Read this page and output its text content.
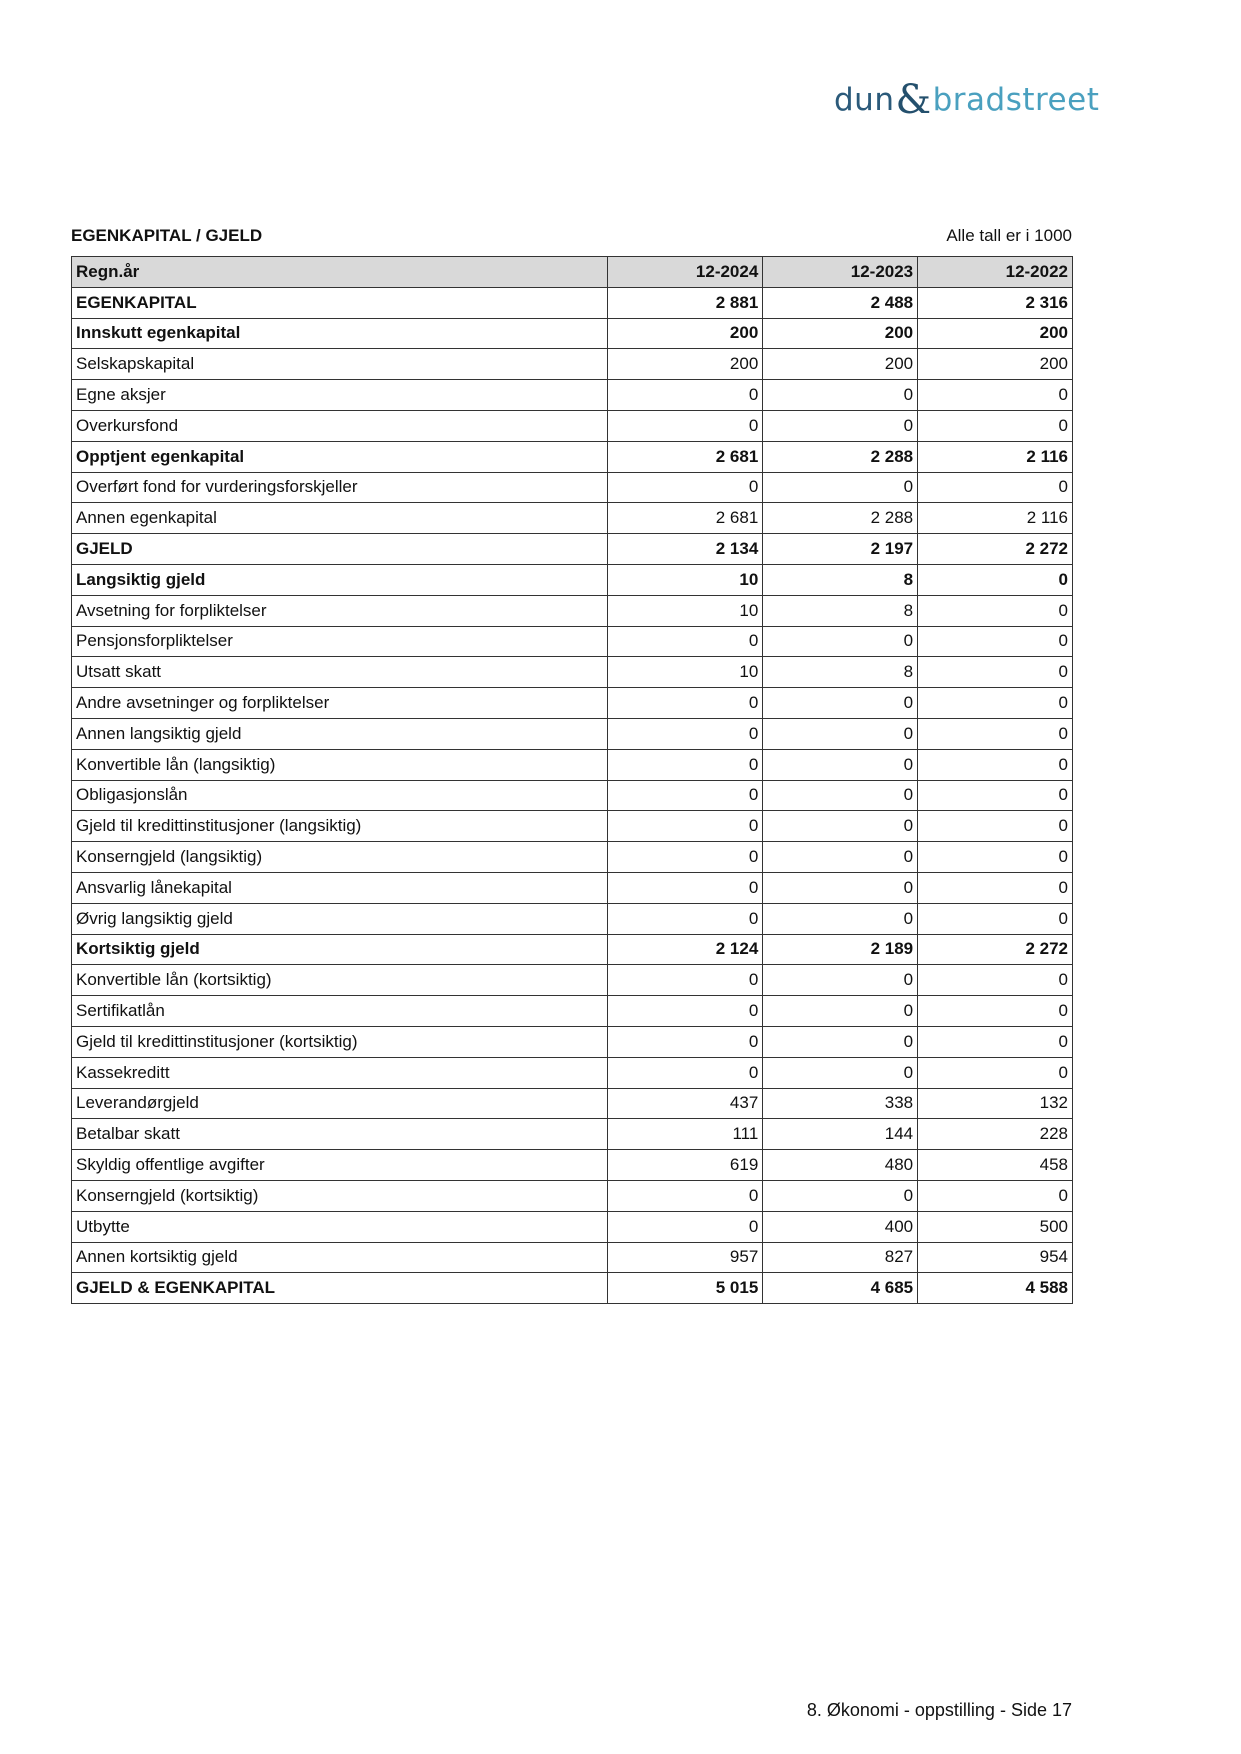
dun&bradstreet
EGENKAPITAL / GJELD	Alle tall er i 1000
Regn.år	12-2024	12-2023	12-2022
EGENKAPITAL	2 881	2 488	2 316
Innskutt egenkapital	200	200	200
Selskapskapital	200	200	200
Egne aksjer	0	0	0
Overkursfond	0	0	0
Opptjent egenkapital	2 681	2 288	2 116
Overført fond for vurderingsforskjeller	0	0	0
Annen egenkapital	2 681	2 288	2 116
GJELD	2 134	2 197	2 272
Langsiktig gjeld	10	8	0
Avsetning for forpliktelser	10	8	0
Pensjonsforpliktelser	0	0	0
Utsatt skatt	10	8	0
Andre avsetninger og forpliktelser	0	0	0
Annen langsiktig gjeld	0	0	0
Konvertible lån (langsiktig)	0	0	0
Obligasjonslån	0	0	0
Gjeld til kredittinstitusjoner (langsiktig)	0	0	0
Konserngjeld (langsiktig)	0	0	0
Ansvarlig lånekapital	0	0	0
Øvrig langsiktig gjeld	0	0	0
Kortsiktig gjeld	2 124	2 189	2 272
Konvertible lån (kortsiktig)	0	0	0
Sertifikatlån	0	0	0
Gjeld til kredittinstitusjoner (kortsiktig)	0	0	0
Kassekreditt	0	0	0
Leverandørgjeld	437	338	132
Betalbar skatt	111	144	228
Skyldig offentlige avgifter	619	480	458
Konserngjeld (kortsiktig)	0	0	0
Utbytte	0	400	500
Annen kortsiktig gjeld	957	827	954
GJELD & EGENKAPITAL	5 015	4 685	4 588
8. Økonomi - oppstilling - Side 17
